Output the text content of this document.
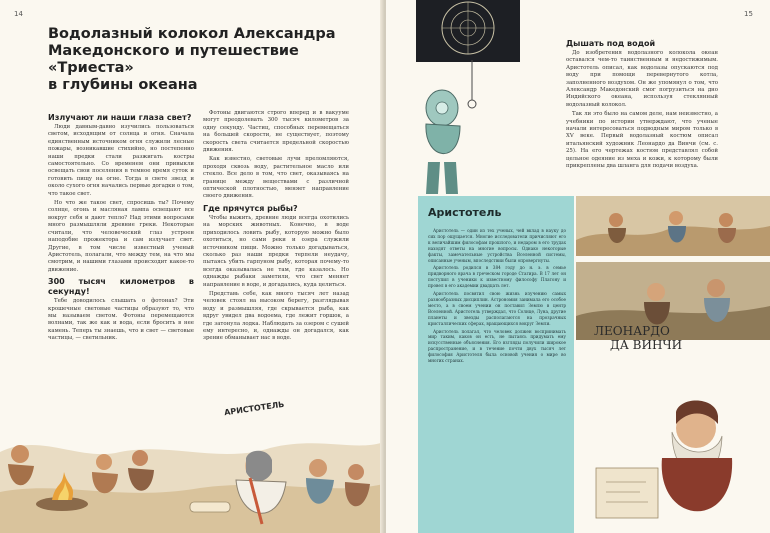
14
Водолазный колокол Александра
Македонского и путешествие «Триеста»
в глубины океана
Излучают ли наши глаза свет?

Люди давным-давно изучились пользоваться светом, исходящим от солнца и огня. Сначала единственным источником огня служили лесные пожары, возникавшие стихийно, но постепенно наши предки стали разжигать костры самостоятельно. Со временем они привыкли освещать свои поселения в темное время суток и готовить пищу на огне. Тогда в свете звезд и около сухого огня начались первые догадки о том, что такое свет.

Но что же такое свет, спросишь ты? Почему солнце, огонь и масляная лампа освещают все вокруг себя и дают тепло? Над этими вопросами много размышляли древние греки. Некоторые считали, что человеческий глаз устроен наподобие прожектора и сам излучает свет. Другие, в том числе известный ученый Аристотель, полагали, что между тем, на что мы смотрим, и нашими глазами происходит какое-то движение.

300 тысяч километров в секунду!

Тебе доводилось слышать о фотонах? Эти крошечные световые частицы образуют то, что мы называем светом. Фотоны перемещаются волнами, так же как и вода, если бросить в нее камень. Теперь ты знаешь, что и свет — световые частицы, — светильник.

Фотоны двигаются строго вперед и в вакууме могут преодолевать 300 тысяч километров за одну секунду. Частиц, способных перемещаться на большей скорости, не существует, поэтому скорость света считается предельной скоростью движения.

Как известно, световые лучи преломляются, проходя сквозь воду, растительное масло или стекло. Все дело в том, что свет, оказываясь на границе между веществами с различной оптической плотностью, меняет направление своего движения.

Где прячутся рыбы?

Чтобы выжить, древние люди всегда охотились на морских животных. Конечно, в воде приходилось ловить рыбу, которую можно было охотиться, но сами реки и озера служили источником пищи. Можно только догадываться, сколько раз наши предки терпели неудачу, пытаясь убить гарпуном рыбу, которая почему-то всегда оказывалась не там, где казалось. Но однажды рыбаки заметили, что свет меняет направление в воде, и догадались, куда целиться.

Представь себе, как много тысяч лет назад человек стоял на высоком берегу, разглядывая воду и размышляя, где скрывается рыба, как вдруг увидел два водоема, где лежит горшок, а где затонула лодка. Наблюдать за озером с сушей ему интересно, и, однажды он догадался, как зрение обманывает нас в воде.

АРИСТОТЕЛЬ
15
Дышать под водой

До изобретения водолазного колокола океан оставался чем-то таинственным и недостижимым. Аристотель описал, как водолазы опускаются под воду при помощи перевернутого котла, заполненного воздухом. Он же упомянул о том, что Александр Македонский смог погрузиться на дно Индийского океана, используя стеклянный водолазный колокол.

Так ли это было на самом деле, нам неизвестно, а учебники по истории утверждают, что ученые начали интересоваться подводным миром только в XV веке. Первый водолазный костюм описал итальянский художник Леонардо да Винчи (см. с. 25). На его чертежах костюм представлял собой цельное одеяние из меха и кожи, к которому были прикреплены два шланга для подачи воздуха.

ЛЕОНАРДО
ДА ВИНЧИ
Аристотель

Аристотель — один из тех ученых, чей вклад в науку до сих пор ощущается. Многие исследователи причисляют его к величайшим философам прошлого, и недаром в его трудах находят ответы на многие вопросы. Однако некоторые факты, замечательные устройства Вселенной системы, описанные ученым, впоследствии были опровергнуты.

Аристотель родился в 384 году до н. э. в семье придворного врача в греческом городе Стагира. В 17 лет он поступил в ученики к известному философу Платону и провел в его академии двадцать лет.

Аристотель посвятил свою жизнь изучению самых разнообразных дисциплин. Астрономия занимала его особое место, а в своем учении он поставил Землю в центр Вселенной. Аристотель утверждал, что Солнце, Луна, другие планеты и звезды располагаются на прозрачных кристаллических сферах, вращающихся вокруг Земли.

Аристотель полагал, что человек должен воспринимать мир таким, каков он есть, не пытаясь придумать ему искусственные объяснения. Его взгляды получили широкое распространение, и в течение почти двух тысяч лет философия Аристотеля была основой учения о мире во многих странах.
